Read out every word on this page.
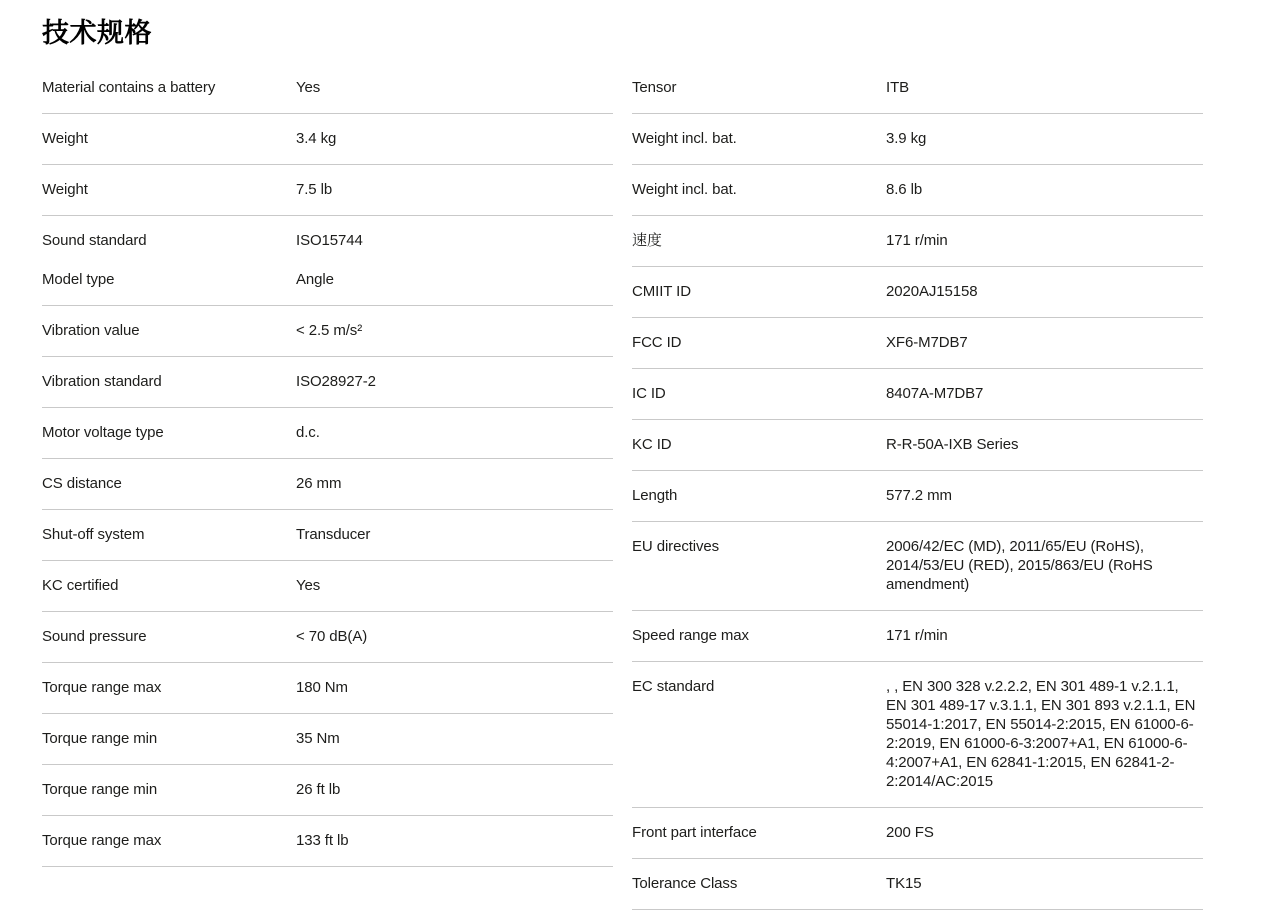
技术规格
Material contains a battery	Yes
Weight	3.4 kg
Weight	7.5 lb
Sound standard	ISO15744
Model type	Angle
Vibration value	< 2.5 m/s²
Vibration standard	ISO28927-2
Motor voltage type	d.c.
CS distance	26 mm
Shut-off system	Transducer
KC certified	Yes
Sound pressure	< 70 dB(A)
Torque range max	180 Nm
Torque range min	35 Nm
Torque range min	26 ft lb
Torque range max	133 ft lb
Tensor	ITB
Weight incl. bat.	3.9 kg
Weight incl. bat.	8.6 lb
速度	171 r/min
CMIIT ID	2020AJ15158
FCC ID	XF6-M7DB7
IC ID	8407A-M7DB7
KC ID	R-R-50A-IXB Series
Length	577.2 mm
EU directives	2006/42/EC (MD), 2011/65/EU (RoHS), 2014/53/EU (RED), 2015/863/EU (RoHS amendment)
Speed range max	171 r/min
EC standard	, , EN 300 328 v.2.2.2, EN 301 489-1 v.2.1.1, EN 301 489-17 v.3.1.1, EN 301 893 v.2.1.1, EN 55014-1:2017, EN 55014-2:2015, EN 61000-6-2:2019, EN 61000-6-3:2007+A1, EN 61000-6-4:2007+A1, EN 62841-1:2015, EN 62841-2-2:2014/AC:2015
Front part interface	200 FS
Tolerance Class	TK15
